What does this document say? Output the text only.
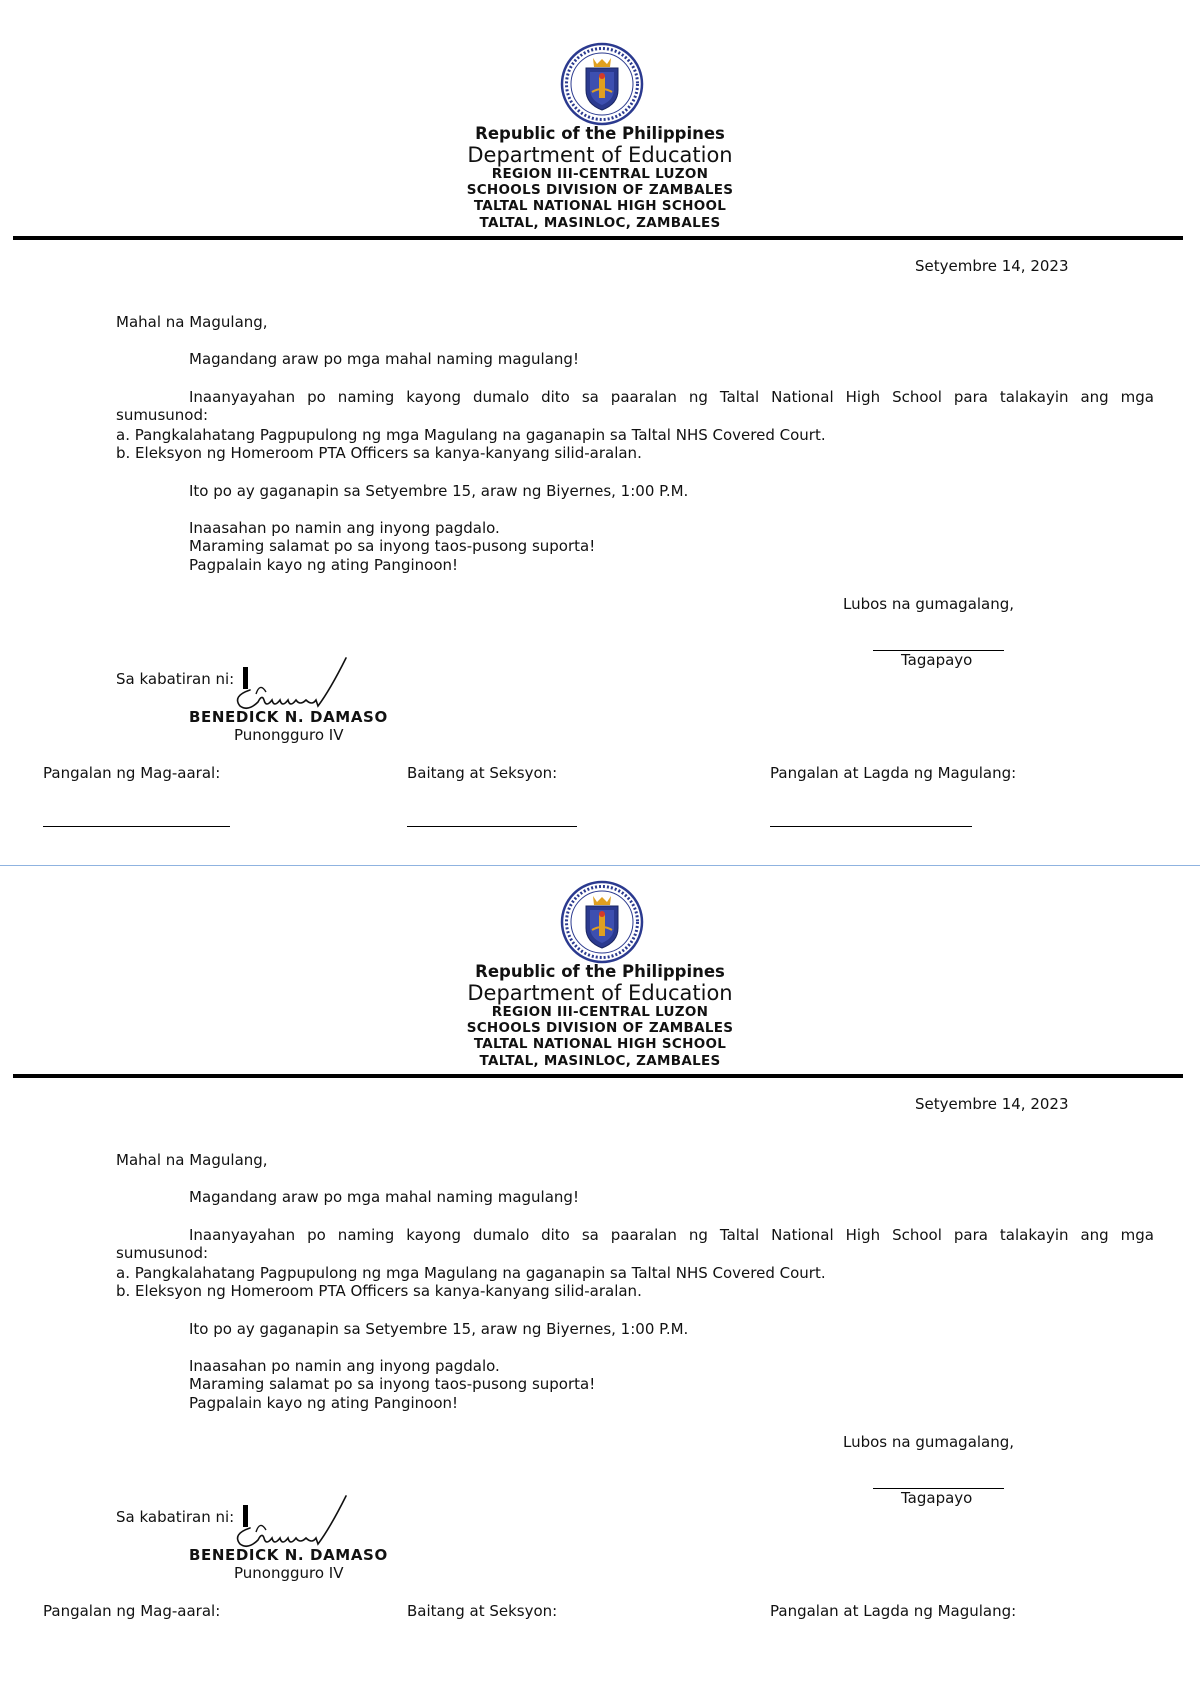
Republic of the Philippines
Department of Education
REGION III-CENTRAL LUZON
SCHOOLS DIVISION OF ZAMBALES
TALTAL NATIONAL HIGH SCHOOL
TALTAL, MASINLOC, ZAMBALES
Setyembre 14, 2023
Mahal na Magulang,
Magandang araw po mga mahal naming magulang!
Inaanyayahan po naming kayong dumalo dito sa paaralan ng Taltal National High School para talakayin ang mga
sumusunod:
a. Pangkalahatang Pagpupulong ng mga Magulang na gaganapin sa Taltal NHS Covered Court.
b. Eleksyon ng Homeroom PTA Officers sa kanya-kanyang silid-aralan.
Ito po ay gaganapin sa Setyembre 15, araw ng Biyernes, 1:00 P.M.
Inaasahan po namin ang inyong pagdalo.
Maraming salamat po sa inyong taos-pusong suporta!
Pagpalain kayo ng ating Panginoon!
Lubos na gumagalang,
Tagapayo
Sa kabatiran ni:
BENEDICK N. DAMASO
Punongguro IV
Pangalan ng Mag-aaral:	Baitang at Seksyon:	Pangalan at Lagda ng Magulang:
Republic of the Philippines
Department of Education
REGION III-CENTRAL LUZON
SCHOOLS DIVISION OF ZAMBALES
TALTAL NATIONAL HIGH SCHOOL
TALTAL, MASINLOC, ZAMBALES
Setyembre 14, 2023
Mahal na Magulang,
Magandang araw po mga mahal naming magulang!
Inaanyayahan po naming kayong dumalo dito sa paaralan ng Taltal National High School para talakayin ang mga
sumusunod:
a. Pangkalahatang Pagpupulong ng mga Magulang na gaganapin sa Taltal NHS Covered Court.
b. Eleksyon ng Homeroom PTA Officers sa kanya-kanyang silid-aralan.
Ito po ay gaganapin sa Setyembre 15, araw ng Biyernes, 1:00 P.M.
Inaasahan po namin ang inyong pagdalo.
Maraming salamat po sa inyong taos-pusong suporta!
Pagpalain kayo ng ating Panginoon!
Lubos na gumagalang,
Tagapayo
Sa kabatiran ni:
BENEDICK N. DAMASO
Punongguro IV
Pangalan ng Mag-aaral:	Baitang at Seksyon:	Pangalan at Lagda ng Magulang:
